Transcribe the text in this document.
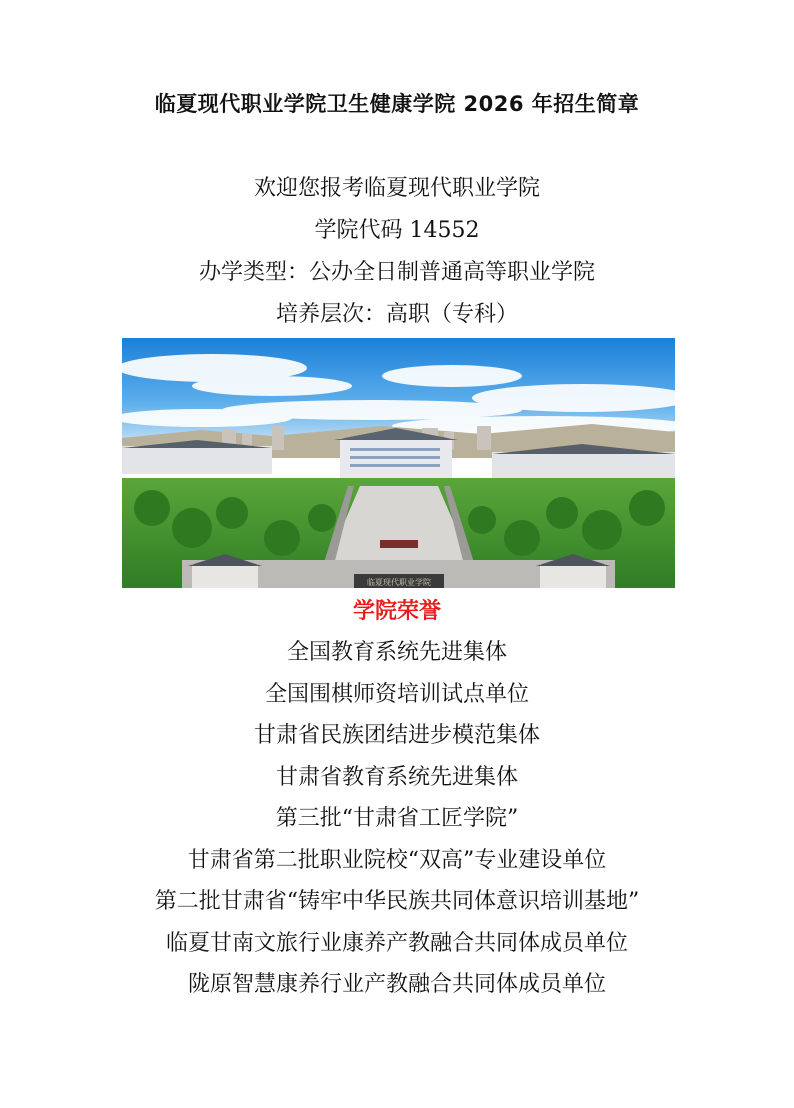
临夏现代职业学院卫生健康学院 2026 年招生简章
欢迎您报考临夏现代职业学院
学院代码 14552
办学类型：公办全日制普通高等职业学院
培养层次：高职（专科）
临夏现代职业学院
学院荣誉
全国教育系统先进集体
全国围棋师资培训试点单位
甘肃省民族团结进步模范集体
甘肃省教育系统先进集体
第三批“甘肃省工匠学院”
甘肃省第二批职业院校“双高”专业建设单位
第二批甘肃省“铸牢中华民族共同体意识培训基地”
临夏甘南文旅行业康养产教融合共同体成员单位
陇原智慧康养行业产教融合共同体成员单位
